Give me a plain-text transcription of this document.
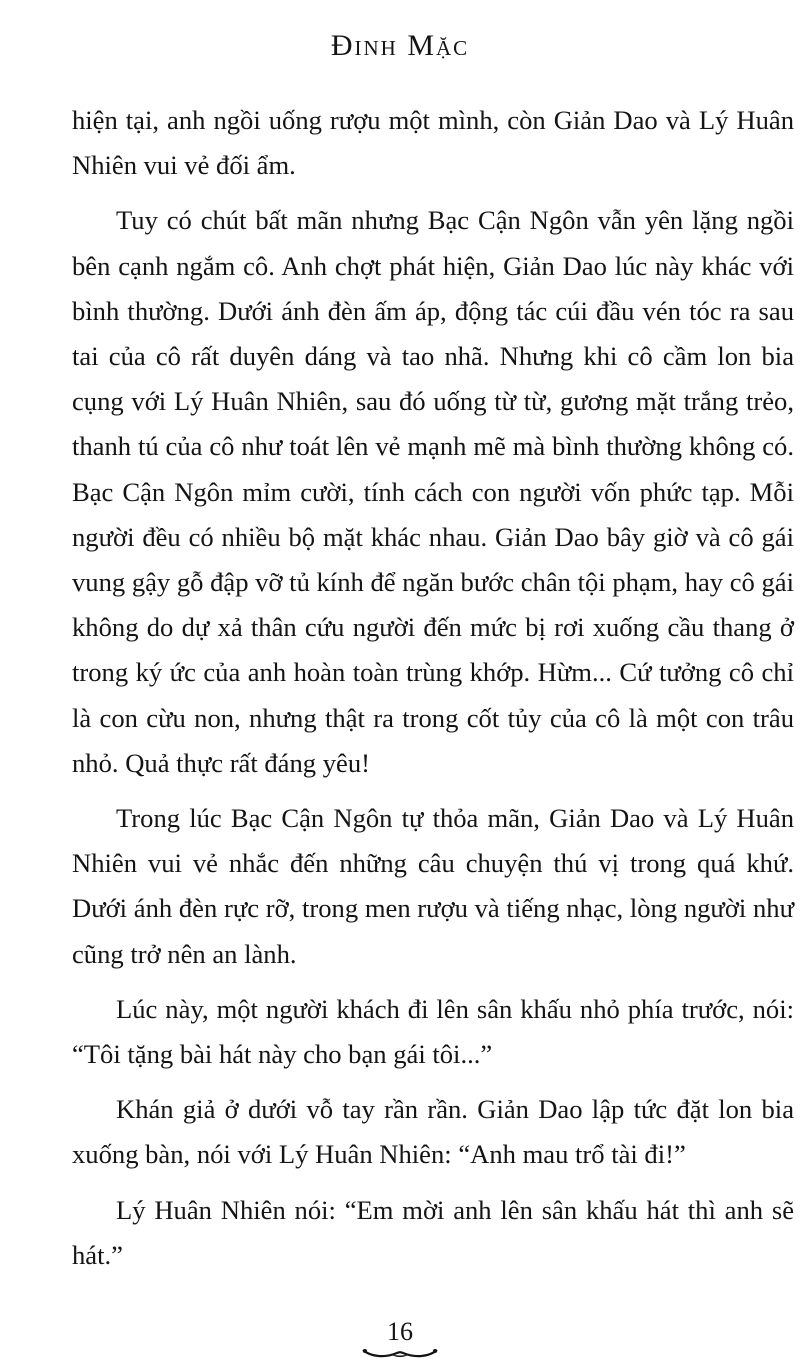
Đinh Mặc

hiện tại, anh ngồi uống rượu một mình, còn Giản Dao và Lý Huân Nhiên vui vẻ đối ẩm.

Tuy có chút bất mãn nhưng Bạc Cận Ngôn vẫn yên lặng ngồi bên cạnh ngắm cô. Anh chợt phát hiện, Giản Dao lúc này khác với bình thường. Dưới ánh đèn ấm áp, động tác cúi đầu vén tóc ra sau tai của cô rất duyên dáng và tao nhã. Nhưng khi cô cầm lon bia cụng với Lý Huân Nhiên, sau đó uống từ từ, gương mặt trắng trẻo, thanh tú của cô như toát lên vẻ mạnh mẽ mà bình thường không có. Bạc Cận Ngôn mỉm cười, tính cách con người vốn phức tạp. Mỗi người đều có nhiều bộ mặt khác nhau. Giản Dao bây giờ và cô gái vung gậy gỗ đập vỡ tủ kính để ngăn bước chân tội phạm, hay cô gái không do dự xả thân cứu người đến mức bị rơi xuống cầu thang ở trong ký ức của anh hoàn toàn trùng khớp. Hừm... Cứ tưởng cô chỉ là con cừu non, nhưng thật ra trong cốt tủy của cô là một con trâu nhỏ. Quả thực rất đáng yêu!

Trong lúc Bạc Cận Ngôn tự thỏa mãn, Giản Dao và Lý Huân Nhiên vui vẻ nhắc đến những câu chuyện thú vị trong quá khứ. Dưới ánh đèn rực rỡ, trong men rượu và tiếng nhạc, lòng người như cũng trở nên an lành.

Lúc này, một người khách đi lên sân khấu nhỏ phía trước, nói: “Tôi tặng bài hát này cho bạn gái tôi...”

Khán giả ở dưới vỗ tay rần rần. Giản Dao lập tức đặt lon bia xuống bàn, nói với Lý Huân Nhiên: “Anh mau trổ tài đi!”

Lý Huân Nhiên nói: “Em mời anh lên sân khấu hát thì anh sẽ hát.”

16
